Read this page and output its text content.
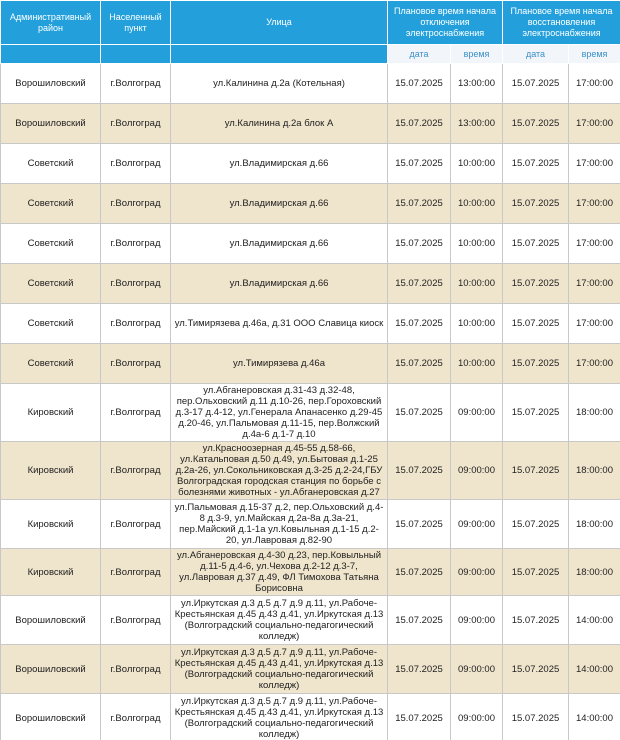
Административный район	Населенный пункт	Улица	Плановое время начала отключения электроснабжения		Плановое время начала восстановления электроснабжения	
			дата	время	дата	время
Ворошиловский	г.Волгоград	ул.Калинина д.2а (Котельная)	15.07.2025	13:00:00	15.07.2025	17:00:00
Ворошиловский	г.Волгоград	ул.Калинина д.2а блок А	15.07.2025	13:00:00	15.07.2025	17:00:00
Советский	г.Волгоград	ул.Владимирская д.66	15.07.2025	10:00:00	15.07.2025	17:00:00
Советский	г.Волгоград	ул.Владимирская д.66	15.07.2025	10:00:00	15.07.2025	17:00:00
Советский	г.Волгоград	ул.Владимирская д.66	15.07.2025	10:00:00	15.07.2025	17:00:00
Советский	г.Волгоград	ул.Владимирская д.66	15.07.2025	10:00:00	15.07.2025	17:00:00
Советский	г.Волгоград	ул.Тимирязева д.46а, д.31 ООО Славица киоск	15.07.2025	10:00:00	15.07.2025	17:00:00
Советский	г.Волгоград	ул.Тимирязева д.46а	15.07.2025	10:00:00	15.07.2025	17:00:00
Кировский	г.Волгоград	ул.Абганеровская д.31-43 д.32-48, пер.Ольховский д.11 д.10-26, пер.Гороховский д.3-17 д.4-12, ул.Генерала Апанасенко д.29-45 д.20-46, ул.Пальмовая д.11-15, пер.Волжский д.4а-6 д.1-7 д.10	15.07.2025	09:00:00	15.07.2025	18:00:00
Кировский	г.Волгоград	ул.Красноозерная д.45-55 д.58-66, ул.Катальповая д.50 д.49, ул.Бытовая д.1-25 д.2а-26, ул.Сокольниковская д.3-25 д.2-24,ГБУ Волгоградская городская станция по борьбе с болезнями животных - ул.Абганеровская д.27	15.07.2025	09:00:00	15.07.2025	18:00:00
Кировский	г.Волгоград	ул.Пальмовая д.15-37 д.2, пер.Ольховский д.4-8 д.3-9, ул.Майская д.2а-8а д.3а-21, пер.Майский д.1-1а ул.Ковыльная д.1-15 д.2-20, ул.Лавровая д.82-90	15.07.2025	09:00:00	15.07.2025	18:00:00
Кировский	г.Волгоград	ул.Абганеровская д.4-30 д.23, пер.Ковыльный д.11-5 д.4-6, ул.Чехова д.2-12 д.3-7, ул.Лавровая д.37 д.49, ФЛ Тимохова Татьяна Борисовна	15.07.2025	09:00:00	15.07.2025	18:00:00
Ворошиловский	г.Волгоград	ул.Иркутская д.3 д.5 д.7 д.9 д.11, ул.Рабоче-Крестьянская д.45 д.43 д.41, ул.Иркутская д.13 (Волгоградский социально-педагогический колледж)	15.07.2025	09:00:00	15.07.2025	14:00:00
Ворошиловский	г.Волгоград	ул.Иркутская д.3 д.5 д.7 д.9 д.11, ул.Рабоче-Крестьянская д.45 д.43 д.41, ул.Иркутская д.13 (Волгоградский социально-педагогический колледж)	15.07.2025	09:00:00	15.07.2025	14:00:00
Ворошиловский	г.Волгоград	ул.Иркутская д.3 д.5 д.7 д.9 д.11, ул.Рабоче-Крестьянская д.45 д.43 д.41, ул.Иркутская д.13 (Волгоградский социально-педагогический колледж)	15.07.2025	09:00:00	15.07.2025	14:00:00
